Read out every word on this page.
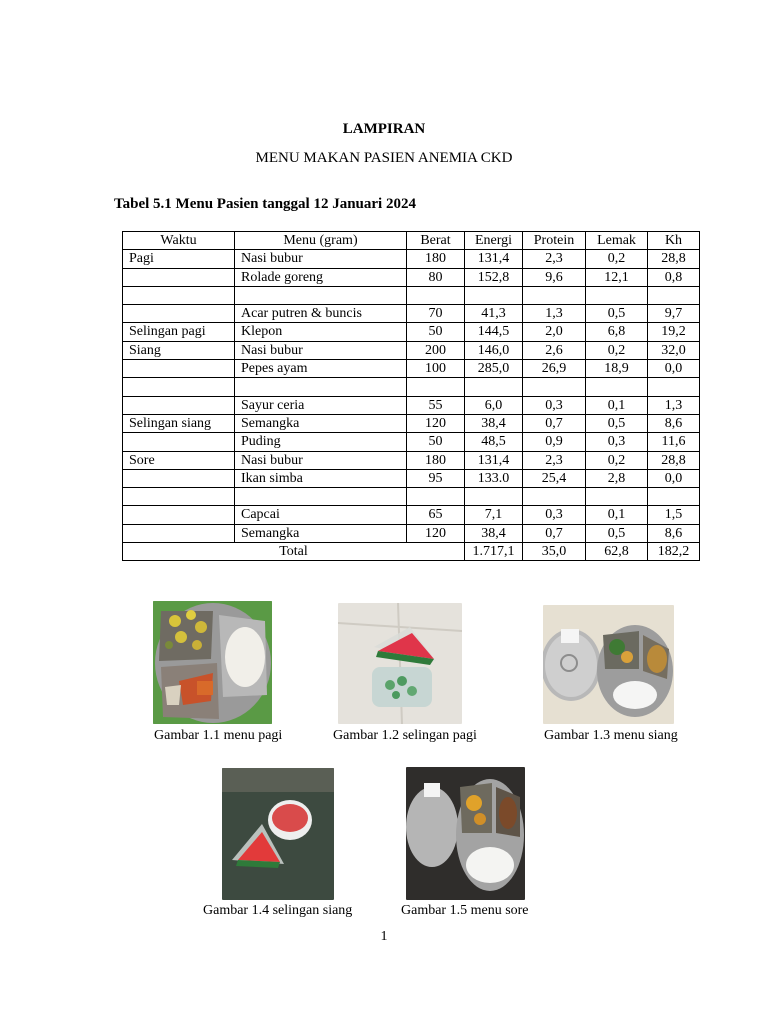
LAMPIRAN
MENU MAKAN PASIEN ANEMIA CKD
Tabel 5.1 Menu Pasien tanggal 12 Januari 2024
Waktu	Menu (gram)	Berat	Energi	Protein	Lemak	Kh
Pagi	Nasi bubur	180	131,4	2,3	0,2	28,8
	Rolade goreng	80	152,8	9,6	12,1	0,8

	Acar putren & buncis	70	41,3	1,3	0,5	9,7
Selingan pagi	Klepon	50	144,5	2,0	6,8	19,2
Siang	Nasi bubur	200	146,0	2,6	0,2	32,0
	Pepes ayam	100	285,0	26,9	18,9	0,0

	Sayur ceria	55	6,0	0,3	0,1	1,3
Selingan siang	Semangka	120	38,4	0,7	0,5	8,6
	Puding	50	48,5	0,9	0,3	11,6
Sore	Nasi bubur	180	131,4	2,3	0,2	28,8
	Ikan simba	95	133.0	25,4	2,8	0,0

	Capcai	65	7,1	0,3	0,1	1,5
	Semangka	120	38,4	0,7	0,5	8,6
Total			1.717,1	35,0	62,8	182,2
Gambar 1.1 menu pagi	Gambar 1.2 selingan pagi	Gambar 1.3 menu siang
Gambar 1.4 selingan siang	Gambar 1.5 menu sore
1
